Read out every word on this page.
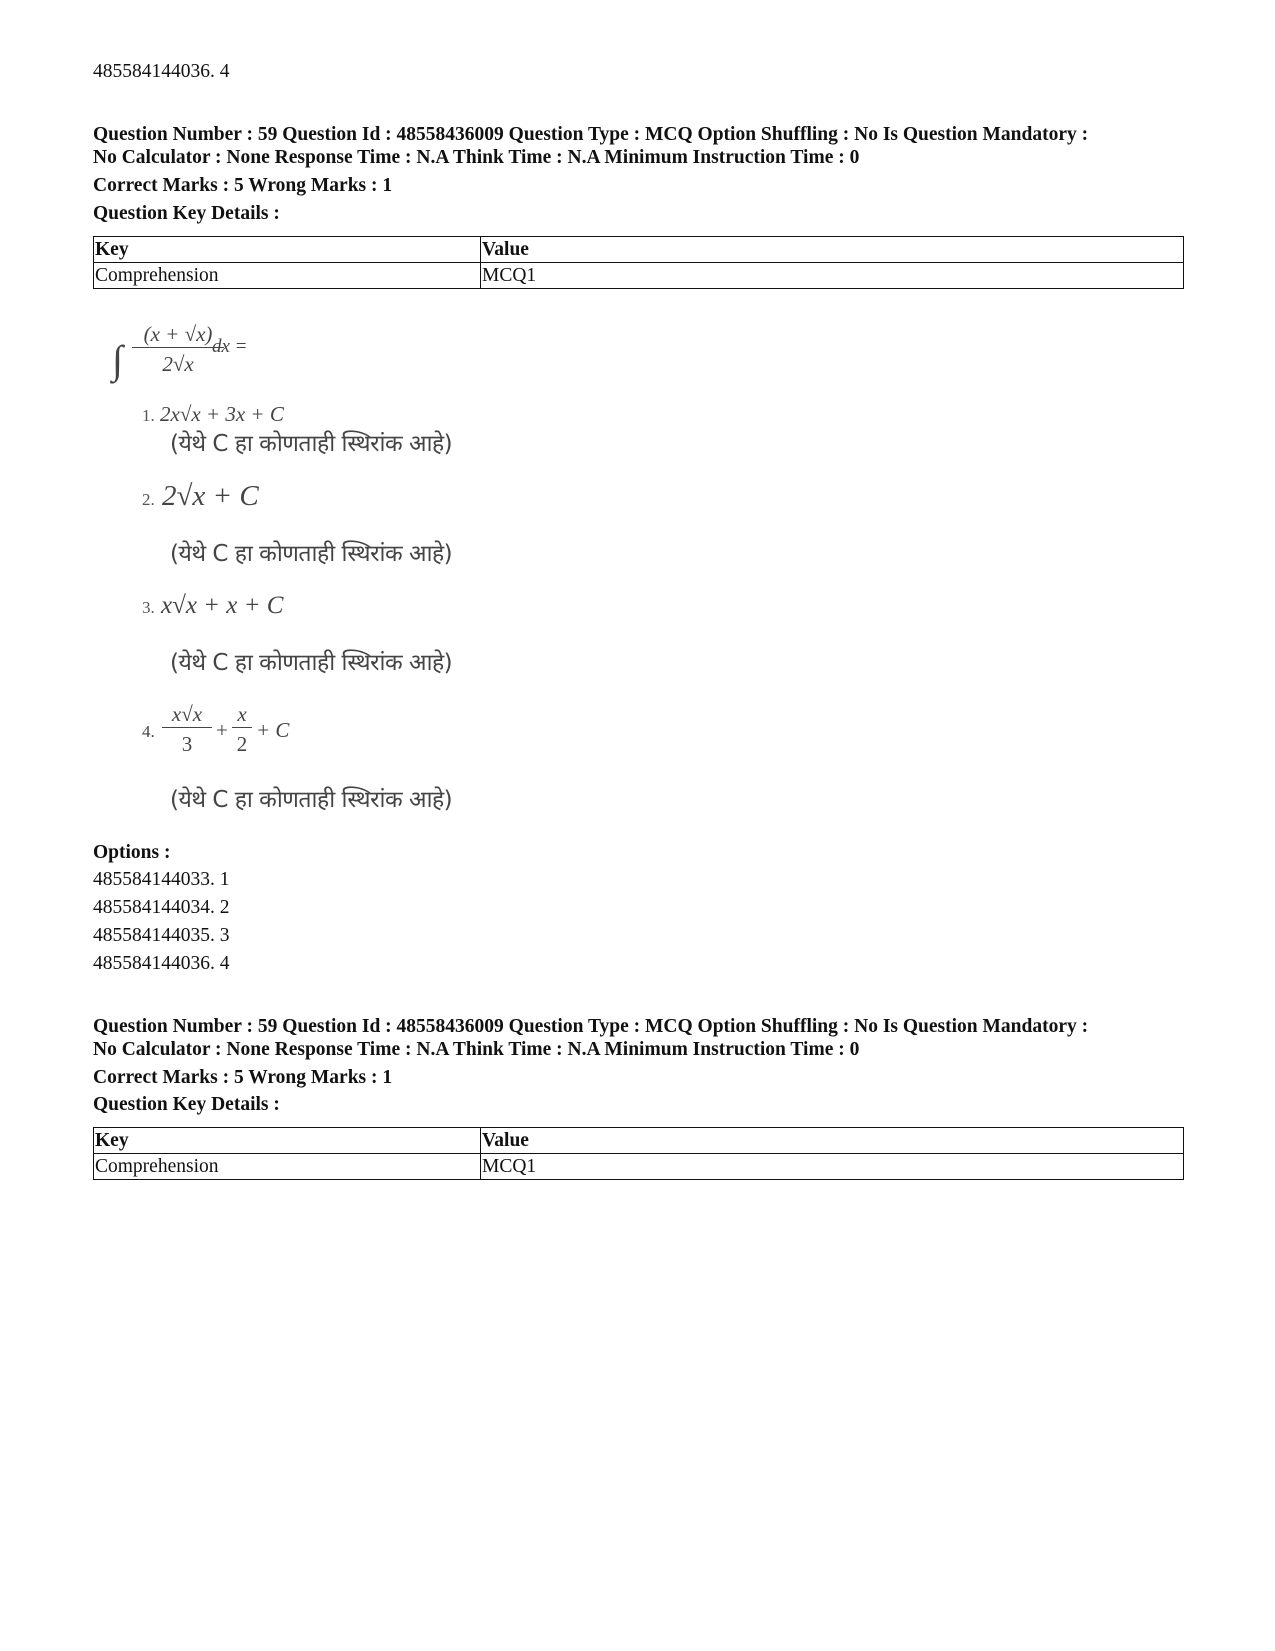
485584144036. 4
Question Number : 59 Question Id : 48558436009 Question Type : MCQ Option Shuffling : No Is Question Mandatory :
No Calculator : None Response Time : N.A Think Time : N.A Minimum Instruction Time : 0
Correct Marks : 5 Wrong Marks : 1
Question Key Details :
Key	Value
Comprehension	MCQ1
∫
(x + √x)
2√x
dx =
1. 2x√x + 3x + C
(येथे C हा कोणताही स्थिरांक आहे)
2. 2√x + C
(येथे C हा कोणताही स्थिरांक आहे)
3. x√x + x + C
(येथे C हा कोणताही स्थिरांक आहे)
4.
x√x
3
+
x
2
+ C
(येथे C हा कोणताही स्थिरांक आहे)
Options :
485584144033. 1
485584144034. 2
485584144035. 3
485584144036. 4
Question Number : 59 Question Id : 48558436009 Question Type : MCQ Option Shuffling : No Is Question Mandatory :
No Calculator : None Response Time : N.A Think Time : N.A Minimum Instruction Time : 0
Correct Marks : 5 Wrong Marks : 1
Question Key Details :
Key	Value
Comprehension	MCQ1
